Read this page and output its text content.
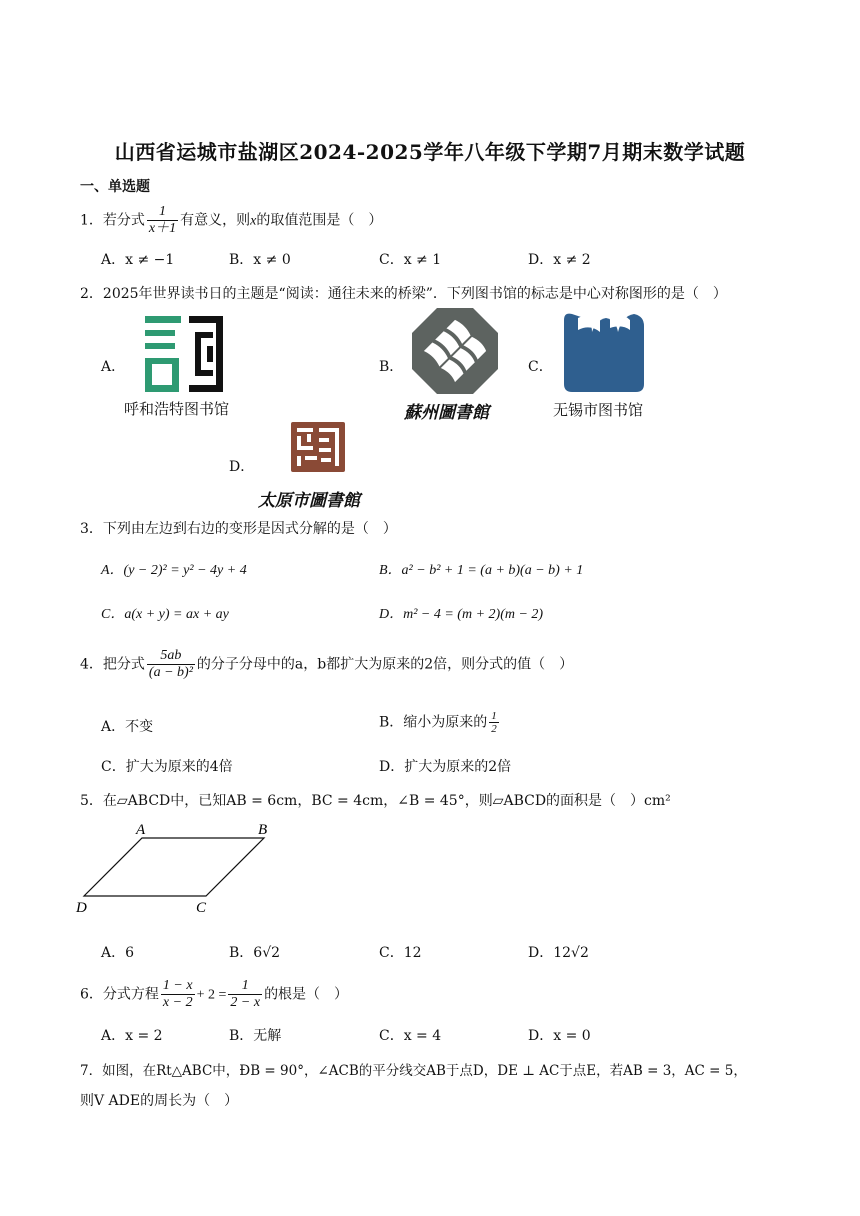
山西省运城市盐湖区2024-2025学年八年级下学期7月期末数学试题
一、单选题
1．若分式 $\frac{1}{x+1}$ 有意义，则x的取值范围是（　）
A．x ≠ −1	B．x ≠ 0	C．x ≠ 1	D．x ≠ 2
2．2025年世界读书日的主题是“阅读：通往未来的桥梁”．下列图书馆的标志是中心对称图形的是（　）
A．
呼和浩特图书馆
B．
蘇州圖書館
C．
无锡市图书馆
D．
太原市圖書館
3．下列由左边到右边的变形是因式分解的是（　）
A．(y − 2)² = y² − 4y + 4	B．a² − b² + 1 = (a + b)(a − b) + 1
C．a(x + y) = ax + ay	D．m² − 4 = (m + 2)(m − 2)
4．把分式 $\frac{5ab}{\text{(a − b)²}}$ 的分子分母中的a，b都扩大为原来的2倍，则分式的值（　）
A．不变	B．缩小为原来的 $\frac{1}{2}$
C．扩大为原来的4倍	D．扩大为原来的2倍
5．在▱ABCD中，已知AB = 6cm，BC = 4cm，∠B = 45°，则▱ABCD的面积是（　）cm²
A	B
C
D
A．6	B．6√2	C．12	D．12√2
6．分式方程 $\frac{1 - x}{x - 2} + 2 = \frac{1}{2 - x}$ 的根是（　）
A．x = 2	B．无解	C．x = 4	D．x = 0
7．如图，在Rt△ABC中，ÐB = 90°，∠ACB的平分线交AB于点D，DE ⊥ AC于点E，若AB = 3，AC = 5，
则V ADE的周长为（　）
